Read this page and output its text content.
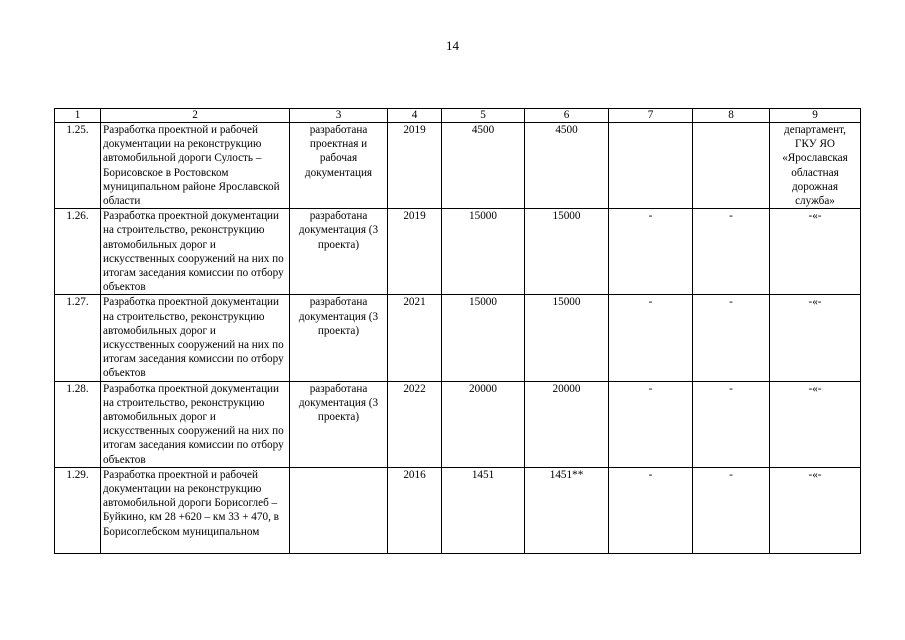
14
1	2	3	4	5	6	7	8	9
1.25.	Разработка проектной и рабочей документации на реконструкцию автомобильной дороги Сулость – Борисовское в Ростовском муниципальном районе Ярославской области	разработана проектная и рабочая документация	2019	4500	4500			департамент, ГКУ ЯО «Ярославская областная дорожная служба»
1.26.	Разработка проектной документации на строительство, реконструкцию автомобильных дорог и искусственных сооружений на них по итогам заседания комиссии по отбору объектов	разработана документация (3 проекта)	2019	15000	15000	-	-	-«-
1.27.	Разработка проектной документации на строительство, реконструкцию автомобильных дорог и искусственных сооружений на них по итогам заседания комиссии по отбору объектов	разработана документация (3 проекта)	2021	15000	15000	-	-	-«-
1.28.	Разработка проектной документации на строительство, реконструкцию автомобильных дорог и искусственных сооружений на них по итогам заседания комиссии по отбору объектов	разработана документация (3 проекта)	2022	20000	20000	-	-	-«-
1.29.	Разработка проектной и рабочей документации на реконструкцию автомобильной дороги Борисоглеб – Буйкино, км 28 +620 – км 33 + 470, в Борисоглебском муниципальном		2016	1451	1451**	-	-	-«-
